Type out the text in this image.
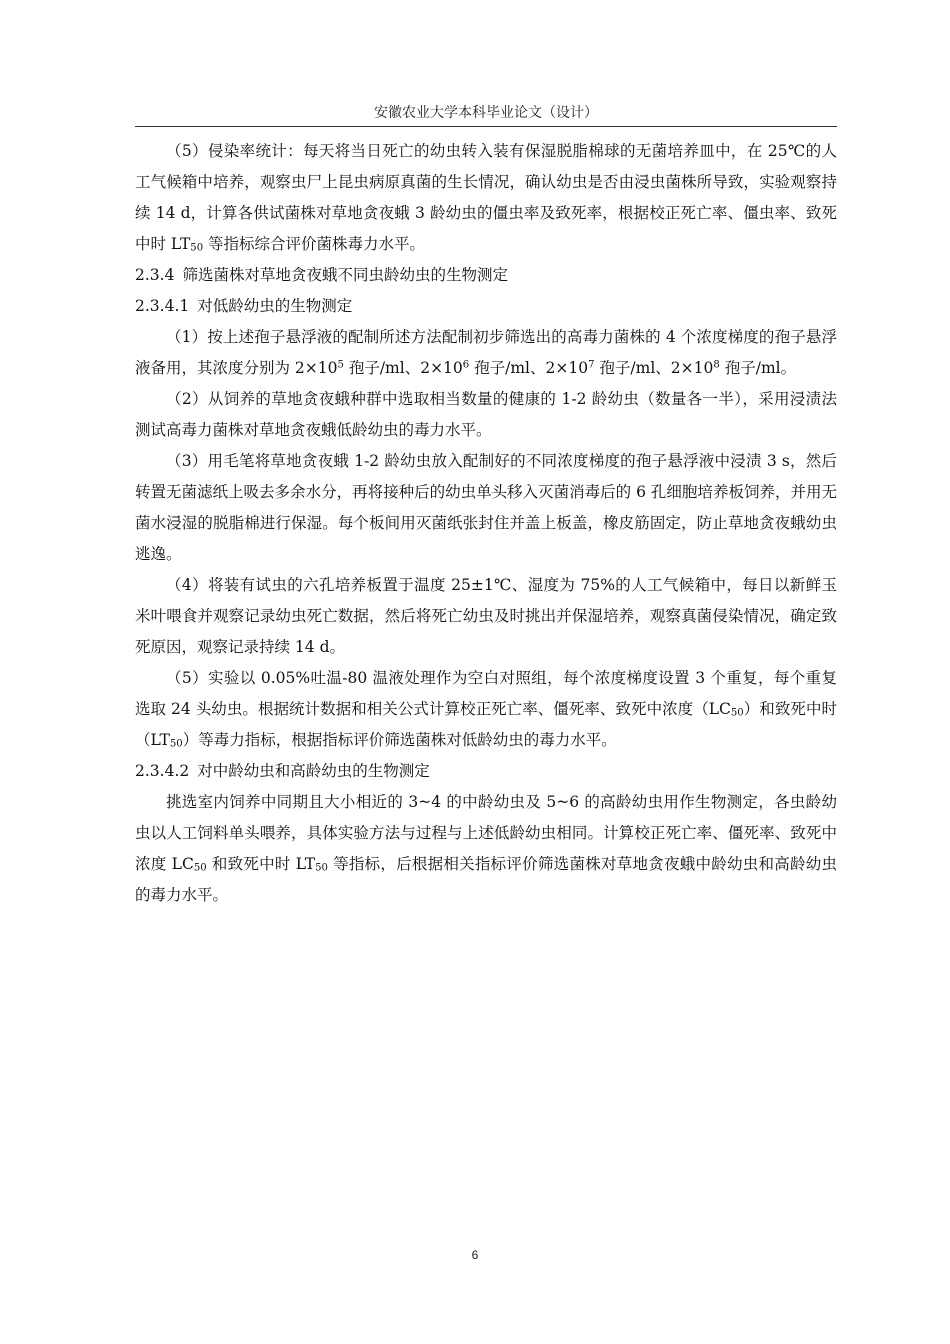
安徽农业大学本科毕业论文（设计）

（5）侵染率统计：每天将当日死亡的幼虫转入装有保湿脱脂棉球的无菌培养皿中，在 25℃的人工气候箱中培养，观察虫尸上昆虫病原真菌的生长情况，确认幼虫是否由浸虫菌株所导致，实验观察持续 14 d，计算各供试菌株对草地贪夜蛾 3 龄幼虫的僵虫率及致死率，根据校正死亡率、僵虫率、致死中时 $LT_{50}$ 等指标综合评价菌株毒力水平。

2.3.4 筛选菌株对草地贪夜蛾不同虫龄幼虫的生物测定

2.3.4.1 对低龄幼虫的生物测定

（1）按上述孢子悬浮液的配制所述方法配制初步筛选出的高毒力菌株的 4 个浓度梯度的孢子悬浮液备用，其浓度分别为 $2\times 10^5$ 孢子/ml、$2\times 10^6$ 孢子/ml、$2\times 10^7$ 孢子/ml、$2\times 10^8$ 孢子/ml。

（2）从饲养的草地贪夜蛾种群中选取相当数量的健康的 1-2 龄幼虫（数量各一半），采用浸渍法测试高毒力菌株对草地贪夜蛾低龄幼虫的毒力水平。

（3）用毛笔将草地贪夜蛾 1-2 龄幼虫放入配制好的不同浓度梯度的孢子悬浮液中浸渍 3 s，然后转置无菌滤纸上吸去多余水分，再将接种后的幼虫单头移入灭菌消毒后的 6 孔细胞培养板饲养，并用无菌水浸湿的脱脂棉进行保湿。每个板间用灭菌纸张封住并盖上板盖，橡皮筋固定，防止草地贪夜蛾幼虫逃逸。

（4）将装有试虫的六孔培养板置于温度 25±1℃、湿度为 75%的人工气候箱中，每日以新鲜玉米叶喂食并观察记录幼虫死亡数据，然后将死亡幼虫及时挑出并保湿培养，观察真菌侵染情况，确定致死原因，观察记录持续 14 d。

（5）实验以 0.05%吐温-80 温液处理作为空白对照组，每个浓度梯度设置 3 个重复，每个重复选取 24 头幼虫。根据统计数据和相关公式计算校正死亡率、僵死率、致死中浓度$(LC_{50})$和致死中时$(LT_{50})$等毒力指标，根据指标评价筛选菌株对低龄幼虫的毒力水平。

2.3.4.2 对中龄幼虫和高龄幼虫的生物测定

挑选室内饲养中同期且大小相近的 3~4 的中龄幼虫及 5~6 的高龄幼虫用作生物测定，各虫龄幼虫以人工饲料单头喂养，具体实验方法与过程与上述低龄幼虫相同。计算校正死亡率、僵死率、致死中浓度 $LC_{50}$ 和致死中时 $LT_{50}$ 等指标，后根据相关指标评价筛选菌株对草地贪夜蛾中龄幼虫和高龄幼虫的毒力水平。

6
